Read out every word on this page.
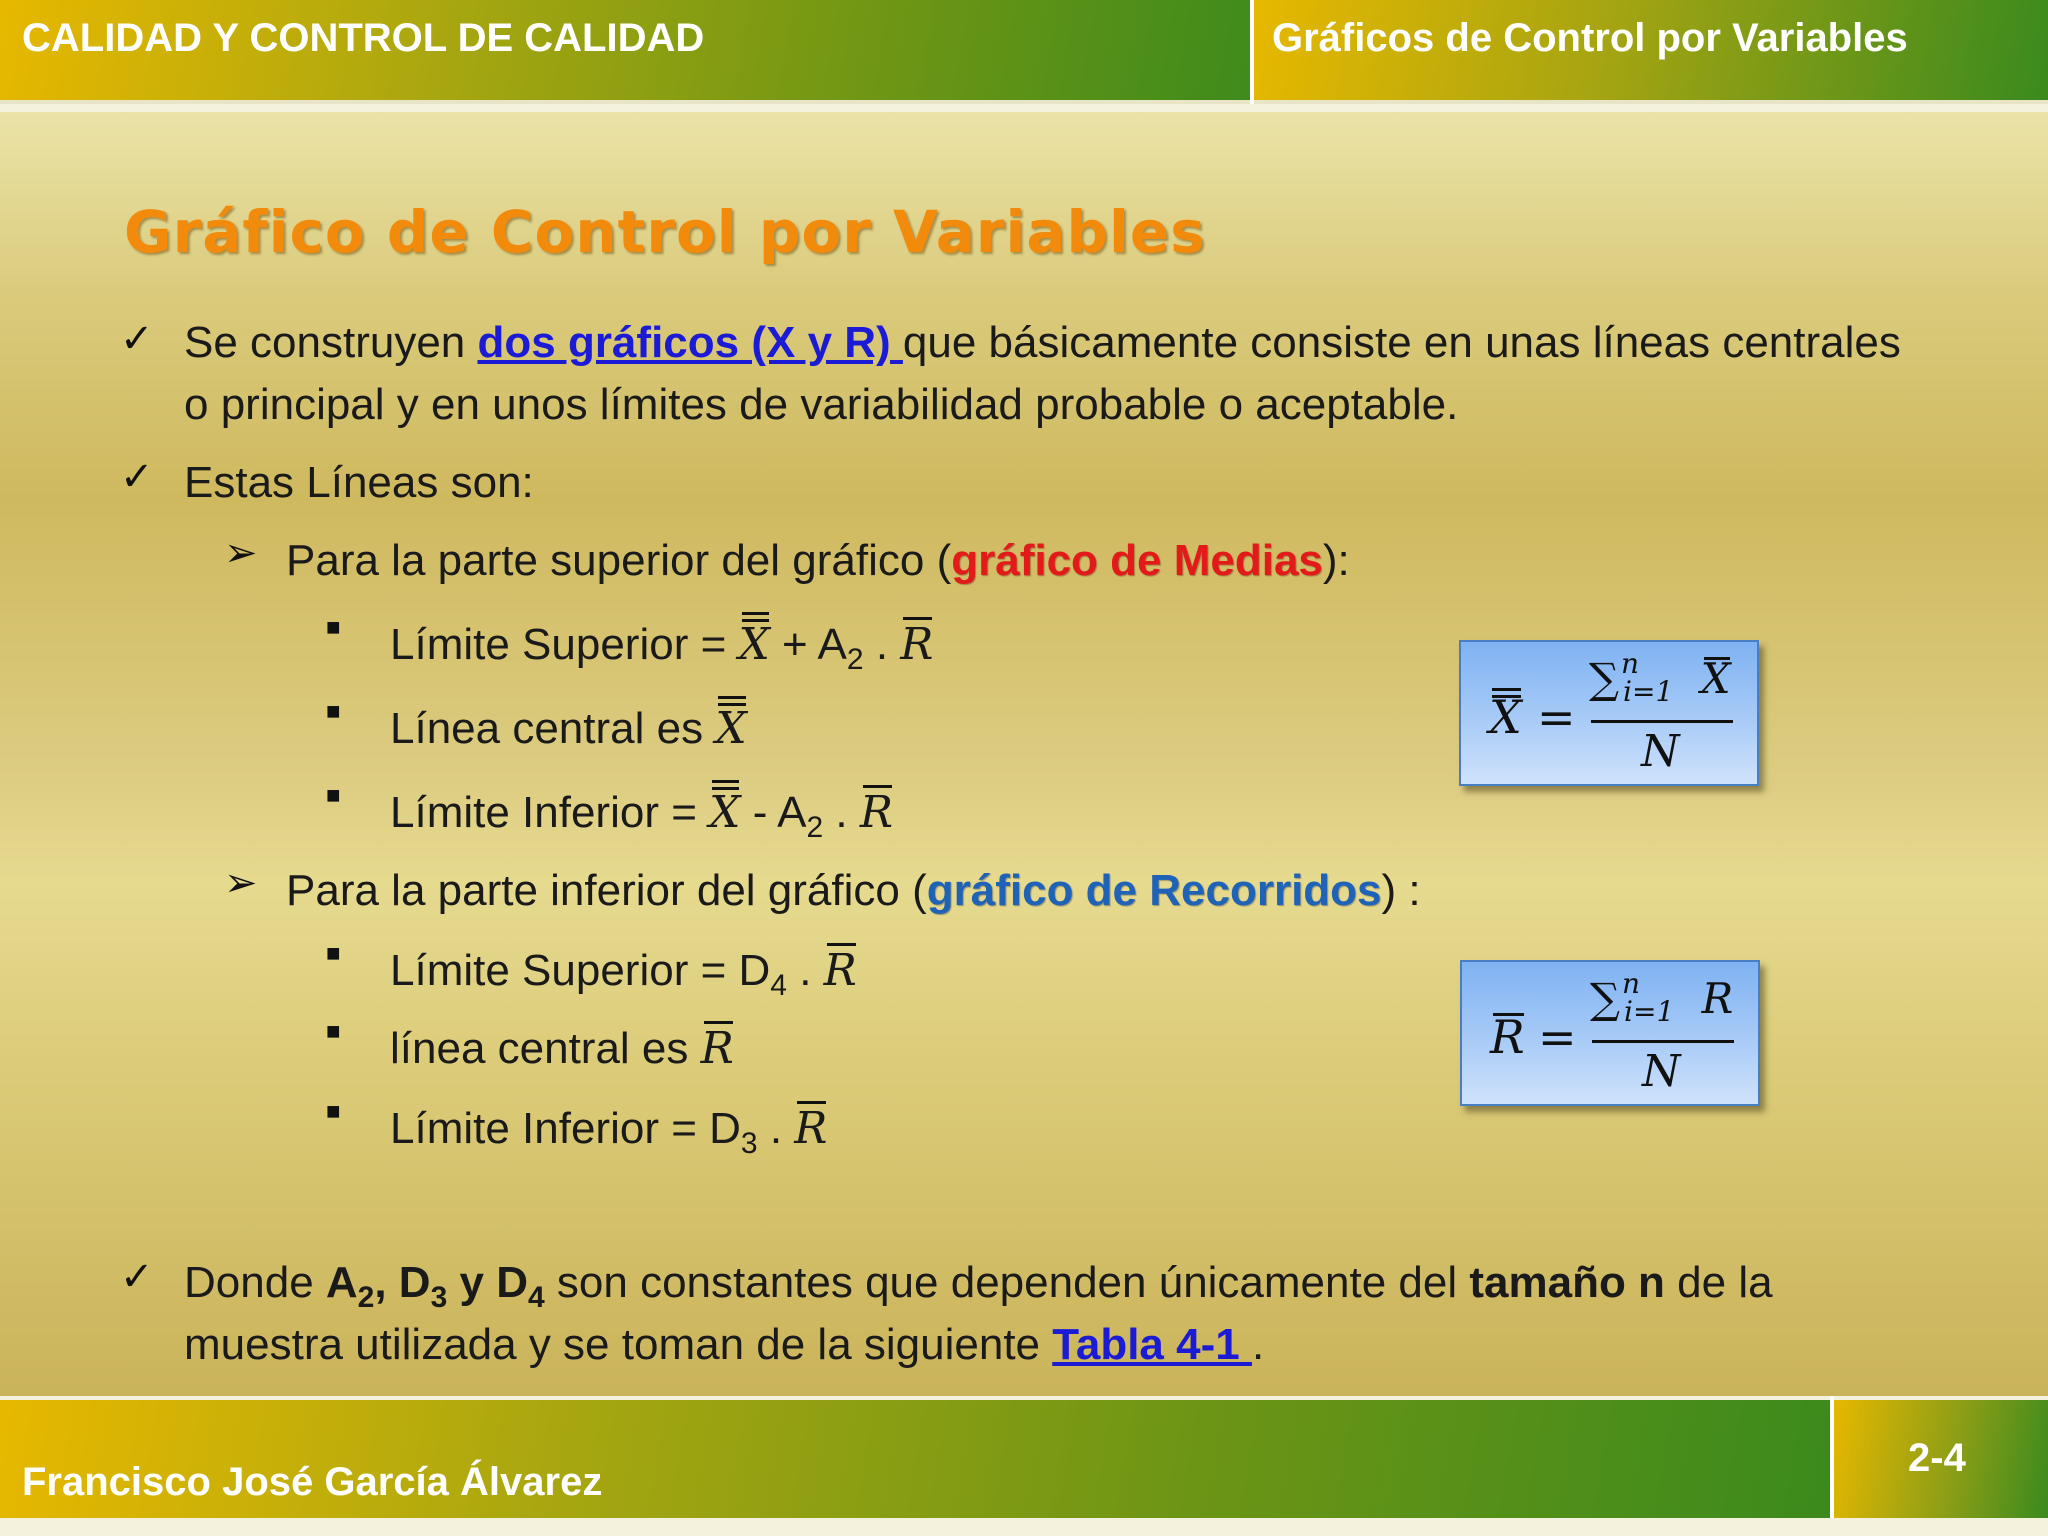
CALIDAD Y CONTROL DE CALIDAD	Gráficos de Control por Variables
Gráfico de Control por Variables
✓ Se construyen dos gráficos (X y R) que básicamente consiste en unas líneas centrales
o principal y en unos límites de variabilidad probable o aceptable.
✓ Estas Líneas son:
➢ Para la parte superior del gráfico (gráfico de Medias):
■ Límite Superior = $X + A_2$ . R
■ Línea central es X
■ Límite Inferior = X - $A_2$ . R
➢ Para la parte inferior del gráfico (gráfico de Recorridos) :
■ Límite Superior = $D_4$ . R
■ línea central es R
■ Límite Inferior = $D_3$ . R
✓ Donde $A_2$, $D_3$ y $D_4$ son constantes que dependen únicamente del tamaño n de la
muestra utilizada y se toman de la siguiente Tabla 4-1 .
X =
∑$^n$i=1 X
N
R =
∑$^n$i=1 R
N
Francisco José García Álvarez
2-4
